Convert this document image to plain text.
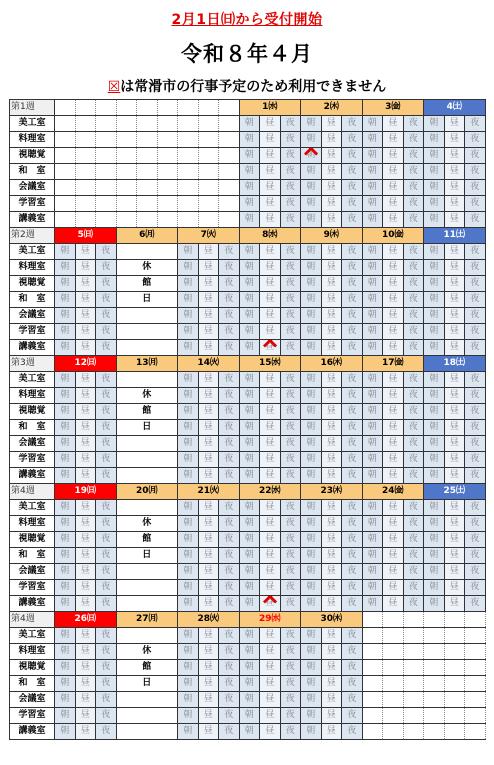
2月1日㈰から受付開始
令和８年４月
☒は常滑市の行事予定のため利用できません
第1週										1㈬			2㈭			3㈮			4㈯		
美工室										朝	昼	夜	朝	昼	夜	朝	昼	夜	朝	昼	夜
料理室										朝	昼	夜	朝	昼	夜	朝	昼	夜	朝	昼	夜
視聴覚										朝	昼	夜	朝 ×	昼	夜	朝	昼	夜	朝	昼	夜
和　室										朝	昼	夜	朝	昼	夜	朝	昼	夜	朝	昼	夜
会議室										朝	昼	夜	朝	昼	夜	朝	昼	夜	朝	昼	夜
学習室										朝	昼	夜	朝	昼	夜	朝	昼	夜	朝	昼	夜
講義室										朝	昼	夜	朝	昼	夜	朝	昼	夜	朝	昼	夜
第2週	5㈰			6㈪			7㈫			8㈬			9㈭			10㈮			11㈯		
美工室	朝	昼	夜				朝	昼	夜	朝	昼	夜	朝	昼	夜	朝	昼	夜	朝	昼	夜
料理室	朝	昼	夜	休			朝	昼	夜	朝	昼	夜	朝	昼	夜	朝	昼	夜	朝	昼	夜
視聴覚	朝	昼	夜	館			朝	昼	夜	朝	昼	夜	朝	昼	夜	朝	昼	夜	朝	昼	夜
和　室	朝	昼	夜	日			朝	昼	夜	朝	昼	夜	朝	昼	夜	朝	昼	夜	朝	昼	夜
会議室	朝	昼	夜				朝	昼	夜	朝	昼	夜	朝	昼	夜	朝	昼	夜	朝	昼	夜
学習室	朝	昼	夜				朝	昼	夜	朝	昼	夜	朝	昼	夜	朝	昼	夜	朝	昼	夜
講義室	朝	昼	夜				朝	昼	夜	朝	昼 ×	夜	朝	昼	夜	朝	昼	夜	朝	昼	夜
第3週	12㈰			13㈪			14㈫			15㈬			16㈭			17㈮			18㈯		
美工室	朝	昼	夜				朝	昼	夜	朝	昼	夜	朝	昼	夜	朝	昼	夜	朝	昼	夜
料理室	朝	昼	夜	休			朝	昼	夜	朝	昼	夜	朝	昼	夜	朝	昼	夜	朝	昼	夜
視聴覚	朝	昼	夜	館			朝	昼	夜	朝	昼	夜	朝	昼	夜	朝	昼	夜	朝	昼	夜
和　室	朝	昼	夜	日			朝	昼	夜	朝	昼	夜	朝	昼	夜	朝	昼	夜	朝	昼	夜
会議室	朝	昼	夜				朝	昼	夜	朝	昼	夜	朝	昼	夜	朝	昼	夜	朝	昼	夜
学習室	朝	昼	夜				朝	昼	夜	朝	昼	夜	朝	昼	夜	朝	昼	夜	朝	昼	夜
講義室	朝	昼	夜				朝	昼	夜	朝	昼	夜	朝	昼	夜	朝	昼	夜	朝	昼	夜
第4週	19㈰			20㈪			21㈫			22㈬			23㈭			24㈮			25㈯		
美工室	朝	昼	夜				朝	昼	夜	朝	昼	夜	朝	昼	夜	朝	昼	夜	朝	昼	夜
料理室	朝	昼	夜	休			朝	昼	夜	朝	昼	夜	朝	昼	夜	朝	昼	夜	朝	昼	夜
視聴覚	朝	昼	夜	館			朝	昼	夜	朝	昼	夜	朝	昼	夜	朝	昼	夜	朝	昼	夜
和　室	朝	昼	夜	日			朝	昼	夜	朝	昼	夜	朝	昼	夜	朝	昼	夜	朝	昼	夜
会議室	朝	昼	夜				朝	昼	夜	朝	昼	夜	朝	昼	夜	朝	昼	夜	朝	昼	夜
学習室	朝	昼	夜				朝	昼	夜	朝	昼	夜	朝	昼	夜	朝	昼	夜	朝	昼	夜
講義室	朝	昼	夜				朝	昼	夜	朝	昼 ×	夜	朝	昼	夜	朝	昼	夜	朝	昼	夜
第4週	26㈰			27㈪			28㈫			29㈬			30㈭								
美工室	朝	昼	夜				朝	昼	夜	朝	昼	夜	朝	昼	夜						
料理室	朝	昼	夜	休			朝	昼	夜	朝	昼	夜	朝	昼	夜						
視聴覚	朝	昼	夜	館			朝	昼	夜	朝	昼	夜	朝	昼	夜						
和　室	朝	昼	夜	日			朝	昼	夜	朝	昼	夜	朝	昼	夜						
会議室	朝	昼	夜				朝	昼	夜	朝	昼	夜	朝	昼	夜						
学習室	朝	昼	夜				朝	昼	夜	朝	昼	夜	朝	昼	夜						
講義室	朝	昼	夜				朝	昼	夜	朝	昼	夜	朝	昼	夜						
